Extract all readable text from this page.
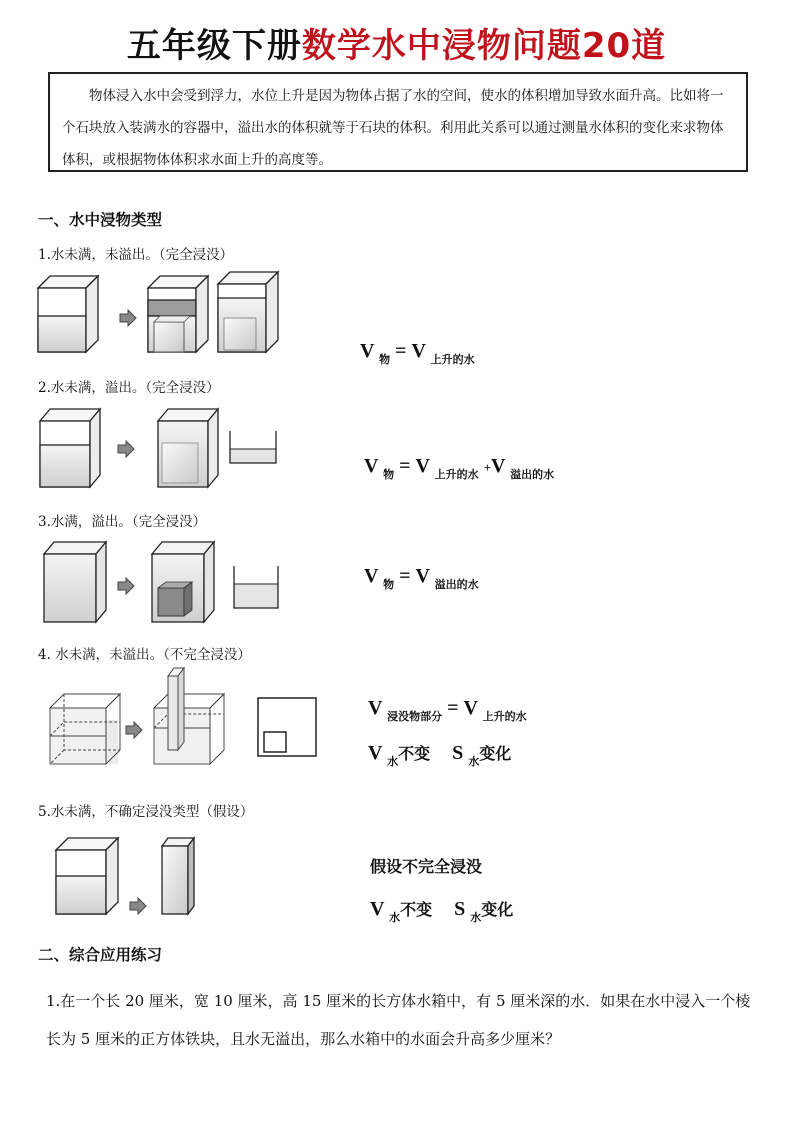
五年级下册数学水中浸物问题20道

物体浸入水中会受到浮力，水位上升是因为物体占据了水的空间，使水的体积增加导致水面升高。比如将一个石块放入装满水的容器中，溢出水的体积就等于石块的体积。利用此关系可以通过测量水体积的变化来求物体体积，或根据物体体积求水面上升的高度等。

一、水中浸物类型
1.水未满，未溢出。（完全浸没）
V $_物$ = V $_{上升的水}$
2.水未满，溢出。（完全浸没）
V $_物$ = V $_{上升的水}$ +V $_{溢出的水}$
3.水满，溢出。（完全浸没）
V $_物$ = V $_{溢出的水}$
4. 水未满，未溢出。（不完全浸没）
V $_{浸没物部分}$ = V $_{上升的水}$
V $_水$不变 S $_水$变化
5.水未满，不确定浸没类型（假设）
假设不完全浸没
V $_水$不变 S $_水$变化
二、综合应用练习
1.在一个长 20 厘米，宽 10 厘米，高 15 厘米的长方体水箱中，有 5 厘米深的水．如果在水中浸入一个棱长为 5 厘米的正方体铁块，且水无溢出，那么水箱中的水面会升高多少厘米？
